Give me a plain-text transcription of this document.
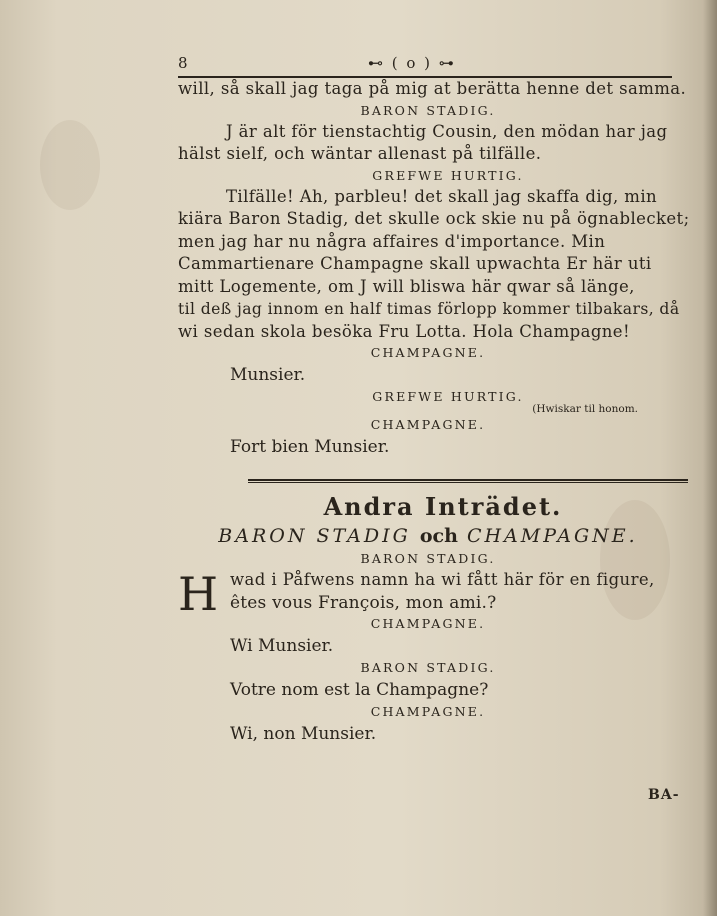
8	⊷ ( o ) ⊶
will, så skall jag taga på mig at berätta henne det samma.
BARON STADIG.
J är alt för tienstachtig Cousin, den mödan har jag
hälst sielf, och wäntar allenast på tilfälle.
GREFWE HURTIG.
Tilfälle! Ah, parbleu! det skall jag skaffa dig, min
kiära Baron Stadig, det skulle ock skie nu på ögnablecket;
men jag har nu några affaires d'importance. Min
Cammartienare Champagne skall upwachta Er här uti
mitt Logemente, om J will bliswa här qwar så länge,
til deß jag innom en half timas förlopp kommer tilbakars, då
wi sedan skola besöka Fru Lotta. Hola Champagne!
CHAMPAGNE.
Munsier.
GREFWE HURTIG.
(Hwiskar til honom.
CHAMPAGNE.
Fort bien Munsier.
Andra Inträdet.
BARON STADIG och CHAMPAGNE.
BARON STADIG.
H wad i Påfwens namn ha wi fått här för en figure,
êtes vous François, mon ami.?
CHAMPAGNE.
Wi Munsier.
BARON STADIG.
Votre nom est la Champagne?
CHAMPAGNE.
Wi, non Munsier.
BA-
